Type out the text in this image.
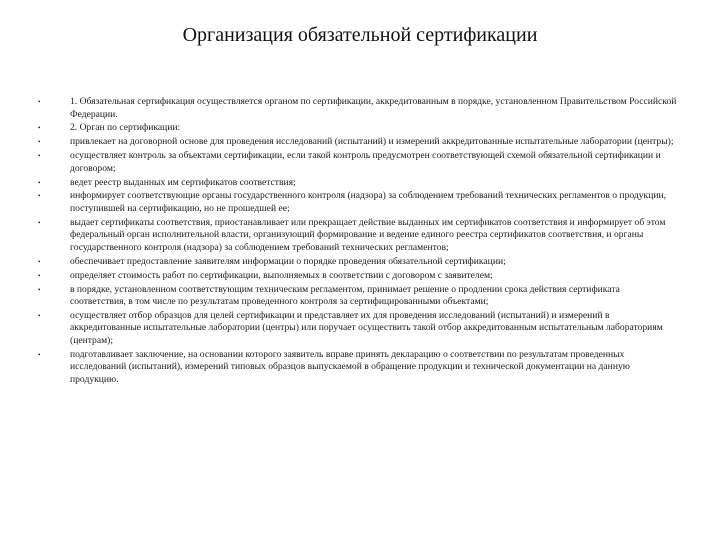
Организация обязательной сертификации
•	1. Обязательная сертификация осуществляется органом по сертификации, аккредитованным в порядке, установленном Правительством Российской Федерации.
•	2. Орган по сертификации:
•	привлекает на договорной основе для проведения исследований (испытаний) и измерений аккредитованные испытательные лаборатории (центры);
•	осуществляет контроль за объектами сертификации, если такой контроль предусмотрен соответствующей схемой обязательной сертификации и договором;
•	ведет реестр выданных им сертификатов соответствия;
•	информирует соответствующие органы государственного контроля (надзора) за соблюдением требований технических регламентов о продукции, поступившей на сертификацию, но не прошедшей ее;
•	выдает сертификаты соответствия, приостанавливает или прекращает действие выданных им сертификатов соответствия и информирует об этом федеральный орган исполнительной власти, организующий формирование и ведение единого реестра сертификатов соответствия, и органы государственного контроля (надзора) за соблюдением требований технических регламентов;
•	обеспечивает предоставление заявителям информации о порядке проведения обязательной сертификации;
•	определяет стоимость работ по сертификации, выполняемых в соответствии с договором с заявителем;
•	в порядке, установленном соответствующим техническим регламентом, принимает решение о продлении срока действия сертификата соответствия, в том числе по результатам проведенного контроля за сертифицированными объектами;
•	осуществляет отбор образцов для целей сертификации и представляет их для проведения исследований (испытаний) и измерений в аккредитованные испытательные лаборатории (центры) или поручает осуществить такой отбор аккредитованным испытательным лабораториям (центрам);
•	подготавливает заключение, на основании которого заявитель вправе принять декларацию о соответствии по результатам проведенных исследований (испытаний), измерений типовых образцов выпускаемой в обращение продукции и технической документации на данную продукцию.
